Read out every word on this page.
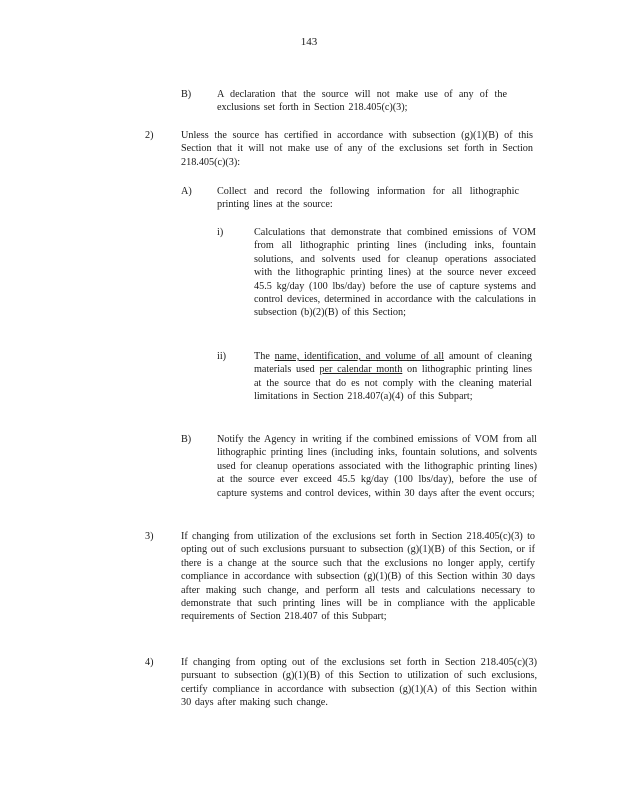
143
B)	A declaration that the source will not make use of any of the exclusions set forth in Section 218.405(c)(3);
2)	Unless the source has certified in accordance with subsection (g)(1)(B) of this Section that it will not make use of any of the exclusions set forth in Section 218.405(c)(3):
A) Collect and record the following information for all lithographic printing lines at the source:
i)	Calculations that demonstrate that combined emissions of VOM from all lithographic printing lines (including inks, fountain solutions, and solvents used for cleanup operations associated with the lithographic printing lines) at the source never exceed 45.5 kg/day (100 lbs/day) before the use of capture systems and control devices, determined in accordance with the calculations in subsection (b)(2)(B) of this Section;
ii)	The name, identification, and volume of all amount of cleaning materials used per calendar month on lithographic printing lines at the source that do es not comply with the cleaning material limitations in Section 218.407(a)(4) of this Subpart;
B)	Notify the Agency in writing if the combined emissions of VOM from all lithographic printing lines (including inks, fountain solutions, and solvents used for cleanup operations associated with the lithographic printing lines) at the source ever exceed 45.5 kg/day (100 lbs/day), before the use of capture systems and control devices, within 30 days after the event occurs;
3)	If changing from utilization of the exclusions set forth in Section 218.405(c)(3) to opting out of such exclusions pursuant to subsection (g)(1)(B) of this Section, or if there is a change at the source such that the exclusions no longer apply, certify compliance in accordance with subsection (g)(1)(B) of this Section within 30 days after making such change, and perform all tests and calculations necessary to demonstrate that such printing lines will be in compliance with the applicable requirements of Section 218.407 of this Subpart;
4)	If changing from opting out of the exclusions set forth in Section 218.405(c)(3) pursuant to subsection (g)(1)(B) of this Section to utilization of such exclusions, certify compliance in accordance with subsection (g)(1)(A) of this Section within 30 days after making such change.
